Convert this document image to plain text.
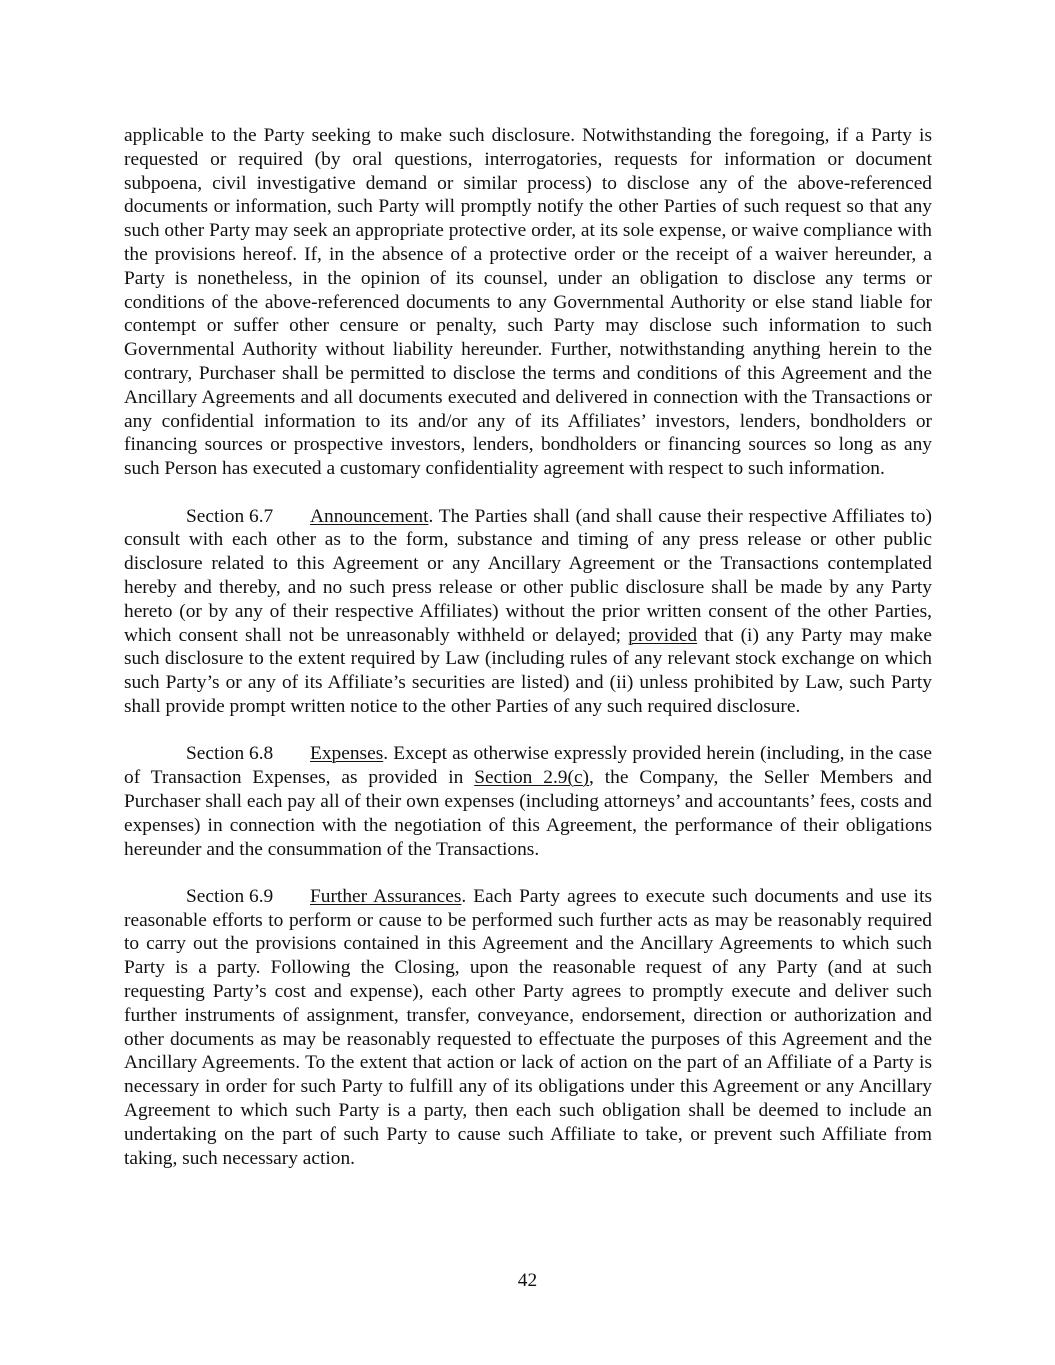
applicable to the Party seeking to make such disclosure. Notwithstanding the foregoing, if a Party is requested or required (by oral questions, interrogatories, requests for information or document subpoena, civil investigative demand or similar process) to disclose any of the above-referenced documents or information, such Party will promptly notify the other Parties of such request so that any such other Party may seek an appropriate protective order, at its sole expense, or waive compliance with the provisions hereof. If, in the absence of a protective order or the receipt of a waiver hereunder, a Party is nonetheless, in the opinion of its counsel, under an obligation to disclose any terms or conditions of the above-referenced documents to any Governmental Authority or else stand liable for contempt or suffer other censure or penalty, such Party may disclose such information to such Governmental Authority without liability hereunder. Further, notwithstanding anything herein to the contrary, Purchaser shall be permitted to disclose the terms and conditions of this Agreement and the Ancillary Agreements and all documents executed and delivered in connection with the Transactions or any confidential information to its and/or any of its Affiliates’ investors, lenders, bondholders or financing sources or prospective investors, lenders, bondholders or financing sources so long as any such Person has executed a customary confidentiality agreement with respect to such information.

Section 6.7 Announcement. The Parties shall (and shall cause their respective Affiliates to) consult with each other as to the form, substance and timing of any press release or other public disclosure related to this Agreement or any Ancillary Agreement or the Transactions contemplated hereby and thereby, and no such press release or other public disclosure shall be made by any Party hereto (or by any of their respective Affiliates) without the prior written consent of the other Parties, which consent shall not be unreasonably withheld or delayed; provided that (i) any Party may make such disclosure to the extent required by Law (including rules of any relevant stock exchange on which such Party’s or any of its Affiliate’s securities are listed) and (ii) unless prohibited by Law, such Party shall provide prompt written notice to the other Parties of any such required disclosure.

Section 6.8 Expenses. Except as otherwise expressly provided herein (including, in the case of Transaction Expenses, as provided in Section 2.9(c), the Company, the Seller Members and Purchaser shall each pay all of their own expenses (including attorneys’ and accountants’ fees, costs and expenses) in connection with the negotiation of this Agreement, the performance of their obligations hereunder and the consummation of the Transactions.

Section 6.9 Further Assurances. Each Party agrees to execute such documents and use its reasonable efforts to perform or cause to be performed such further acts as may be reasonably required to carry out the provisions contained in this Agreement and the Ancillary Agreements to which such Party is a party. Following the Closing, upon the reasonable request of any Party (and at such requesting Party’s cost and expense), each other Party agrees to promptly execute and deliver such further instruments of assignment, transfer, conveyance, endorsement, direction or authorization and other documents as may be reasonably requested to effectuate the purposes of this Agreement and the Ancillary Agreements. To the extent that action or lack of action on the part of an Affiliate of a Party is necessary in order for such Party to fulfill any of its obligations under this Agreement or any Ancillary Agreement to which such Party is a party, then each such obligation shall be deemed to include an undertaking on the part of such Party to cause such Affiliate to take, or prevent such Affiliate from taking, such necessary action.

42
